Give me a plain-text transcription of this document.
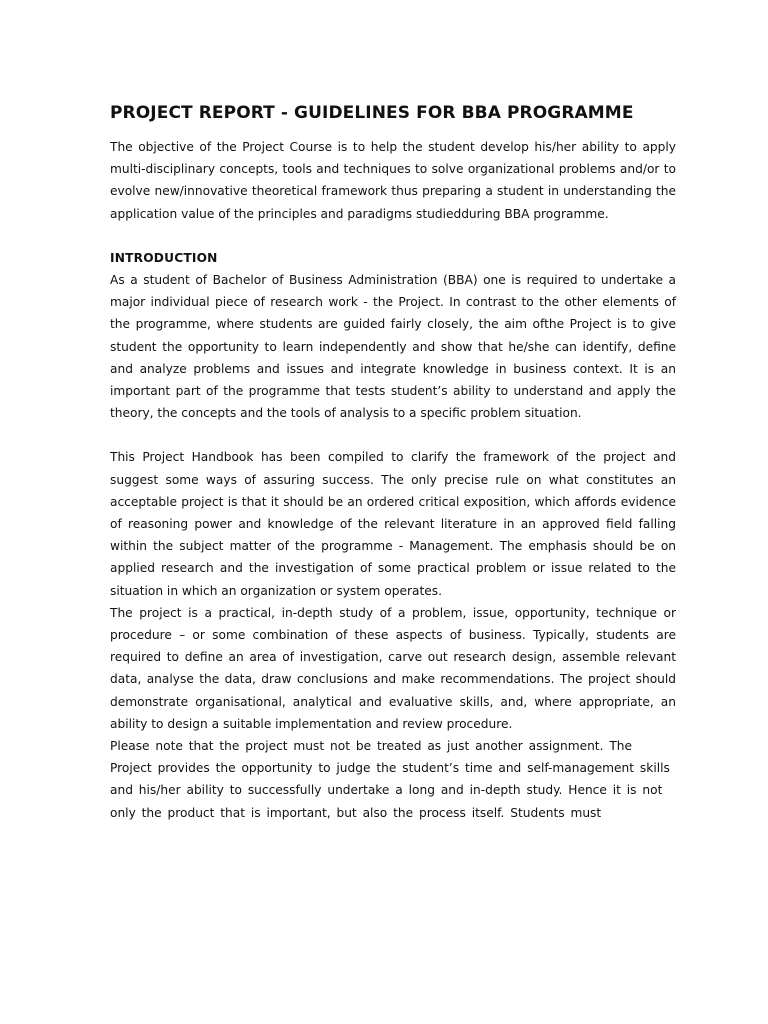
PROJECT REPORT - GUIDELINES FOR BBA PROGRAMME

The objective of the Project Course is to help the student develop his/her ability to apply multi-disciplinary concepts, tools and techniques to solve organizational problems and/or to evolve new/innovative theoretical framework thus preparing a student in understanding the application value of the principles and paradigms studiedduring BBA programme.

INTRODUCTION

As a student of Bachelor of Business Administration (BBA) one is required to undertake a major individual piece of research work - the Project. In contrast to the other elements of the programme, where students are guided fairly closely, the aim ofthe Project is to give student the opportunity to learn independently and show that he/she can identify, define and analyze problems and issues and integrate knowledge in business context. It is an important part of the programme that tests student’s ability to understand and apply the theory, the concepts and the tools of analysis to a specific problem situation.

This Project Handbook has been compiled to clarify the framework of the project and suggest some ways of assuring success. The only precise rule on what constitutes an acceptable project is that it should be an ordered critical exposition, which affords evidence of reasoning power and knowledge of the relevant literature in an approved field falling within the subject matter of the programme - Management. The emphasis should be on applied research and the investigation of some practical problem or issue related to the situation in which an organization or system operates.

The project is a practical, in-depth study of a problem, issue, opportunity, technique or procedure – or some combination of these aspects of business. Typically, students are required to define an area of investigation, carve out research design, assemble relevant data, analyse the data, draw conclusions and make recommendations. The project should demonstrate organisational, analytical and evaluative skills, and, where appropriate, an ability to design a suitable implementation and review procedure.

Please note that the project must not be treated as just another assignment. The Project provides the opportunity to judge the student’s time and self-management skills and his/her ability to successfully undertake a long and in-depth study. Hence it is not only the product that is important, but also the process itself. Students must
